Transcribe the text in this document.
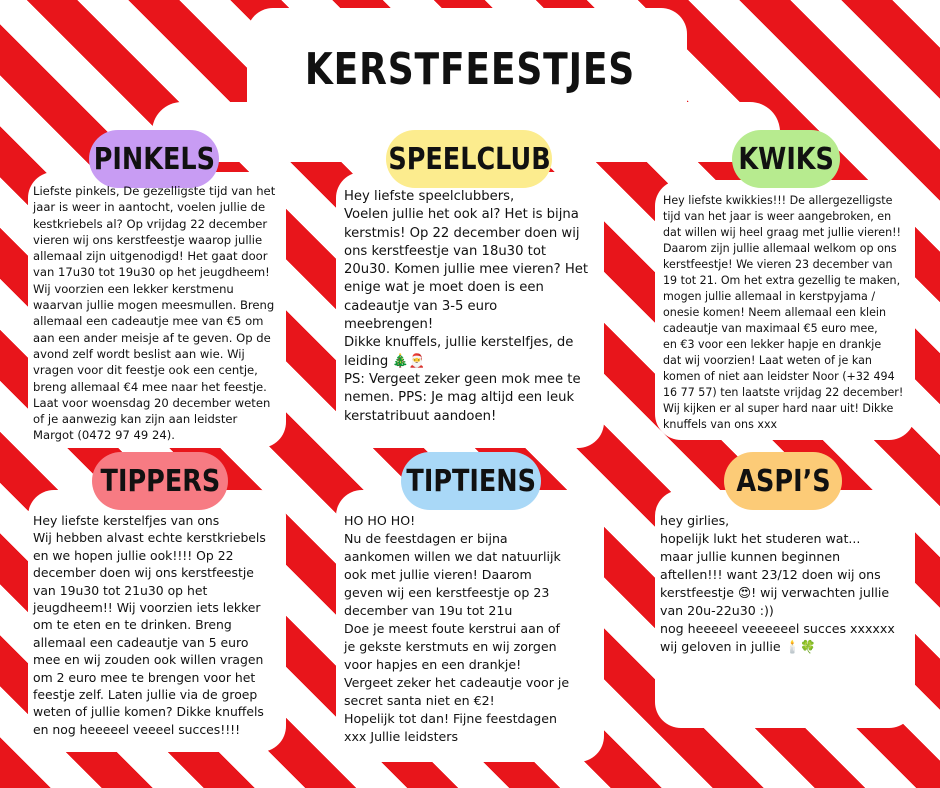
KERSTFEESTJES
PINKELS	SPEELCLUB	KWIKS
TIPPERS	TIPTIENS	ASPI’S

Liefste pinkels, De gezelligste tijd van het
jaar is weer in aantocht, voelen jullie de
kestkriebels al? Op vrijdag 22 december
vieren wij ons kerstfeestje waarop jullie
allemaal zijn uitgenodigd! Het gaat door
van 17u30 tot 19u30 op het jeugdheem!
Wij voorzien een lekker kerstmenu
waarvan jullie mogen meesmullen. Breng
allemaal een cadeautje mee van €5 om
aan een ander meisje af te geven. Op de
avond zelf wordt beslist aan wie. Wij
vragen voor dit feestje ook een centje,
breng allemaal €4 mee naar het feestje.
Laat voor woensdag 20 december weten
of je aanwezig kan zijn aan leidster
Margot (0472 97 49 24).

Hey liefste speelclubbers,
Voelen jullie het ook al? Het is bijna
kerstmis! Op 22 december doen wij
ons kerstfeestje van 18u30 tot
20u30. Komen jullie mee vieren? Het
enige wat je moet doen is een
cadeautje van 3-5 euro
meebrengen!
Dikke knuffels, jullie kerstelfjes, de
leiding 🎄🎅
PS: Vergeet zeker geen mok mee te
nemen. PPS: Je mag altijd een leuk
kerstatribuut aandoen!

Hey liefste kwikkies!!! De allergezelligste
tijd van het jaar is weer aangebroken, en
dat willen wij heel graag met jullie vieren!!
Daarom zijn jullie allemaal welkom op ons
kerstfeestje! We vieren 23 december van
19 tot 21. Om het extra gezellig te maken,
mogen jullie allemaal in kerstpyjama /
onesie komen! Neem allemaal een klein
cadeautje van maximaal €5 euro mee,
en €3 voor een lekker hapje en drankje
dat wij voorzien! Laat weten of je kan
komen of niet aan leidster Noor (+32 494
16 77 57) ten laatste vrijdag 22 december!
Wij kijken er al super hard naar uit! Dikke
knuffels van ons xxx

Hey liefste kerstelfjes van ons
Wij hebben alvast echte kerstkriebels
en we hopen jullie ook!!!! Op 22
december doen wij ons kerstfeestje
van 19u30 tot 21u30 op het
jeugdheem!! Wij voorzien iets lekker
om te eten en te drinken. Breng
allemaal een cadeautje van 5 euro
mee en wij zouden ook willen vragen
om 2 euro mee te brengen voor het
feestje zelf. Laten jullie via de groep
weten of jullie komen? Dikke knuffels
en nog heeeeel veeeel succes!!!!

HO HO HO!
Nu de feestdagen er bijna
aankomen willen we dat natuurlijk
ook met jullie vieren! Daarom
geven wij een kerstfeestje op 23
december van 19u tot 21u
Doe je meest foute kerstrui aan of
je gekste kerstmuts en wij zorgen
voor hapjes en een drankje!
Vergeet zeker het cadeautje voor je
secret santa niet en €2!
Hopelijk tot dan! Fijne feestdagen
xxx Jullie leidsters

hey girlies,
hopelijk lukt het studeren wat...
maar jullie kunnen beginnen
aftellen!!! want 23/12 doen wij ons
kerstfeestje 😍! wij verwachten jullie
van 20u-22u30 :))
nog heeeeel veeeeeel succes xxxxxx
wij geloven in jullie 🕯️🍀
